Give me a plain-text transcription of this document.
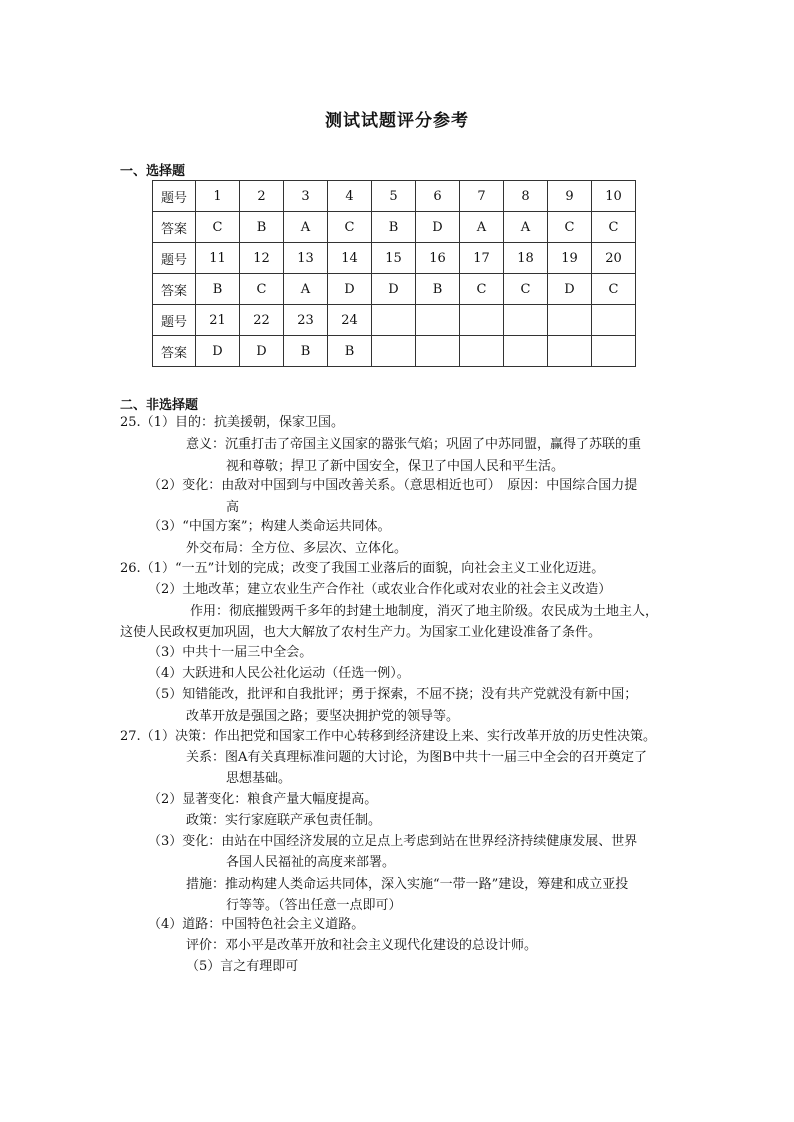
测试试题评分参考
一、选择题
题号	1	2	3	4	5	6	7	8	9	10
答案	C	B	A	C	B	D	A	A	C	C
题号	11	12	13	14	15	16	17	18	19	20
答案	B	C	A	D	D	B	C	C	D	C
题号	21	22	23	24						
答案	D	D	B	B						
二、非选择题
25.（1）目的：抗美援朝，保家卫国。
意义：沉重打击了帝国主义国家的嚣张气焰；巩固了中苏同盟，赢得了苏联的重
视和尊敬；捍卫了新中国安全，保卫了中国人民和平生活。
（2）变化：由敌对中国到与中国改善关系。（意思相近也可）　原因：中国综合国力提
高
（3）“中国方案”；构建人类命运共同体。
外交布局：全方位、多层次、立体化。
26.（1）“一五”计划的完成；改变了我国工业落后的面貌，向社会主义工业化迈进。
（2）土地改革；建立农业生产合作社（或农业合作化或对农业的社会主义改造）
作用：彻底摧毁两千多年的封建土地制度，消灭了地主阶级。农民成为土地主人，
这使人民政权更加巩固，也大大解放了农村生产力。为国家工业化建设准备了条件。
（3）中共十一届三中全会。
（4）大跃进和人民公社化运动（任选一例）。
（5）知错能改，批评和自我批评；勇于探索，不屈不挠；没有共产党就没有新中国；
改革开放是强国之路；要坚决拥护党的领导等。
27.（1）决策：作出把党和国家工作中心转移到经济建设上来、实行改革开放的历史性决策。
关系：图A有关真理标准问题的大讨论，为图B中共十一届三中全会的召开奠定了
思想基础。
（2）显著变化：粮食产量大幅度提高。
政策：实行家庭联产承包责任制。
（3）变化：由站在中国经济发展的立足点上考虑到站在世界经济持续健康发展、世界
各国人民福祉的高度来部署。
措施：推动构建人类命运共同体，深入实施“一带一路”建设，筹建和成立亚投
行等等。（答出任意一点即可）
（4）道路：中国特色社会主义道路。
评价：邓小平是改革开放和社会主义现代化建设的总设计师。
（5）言之有理即可
